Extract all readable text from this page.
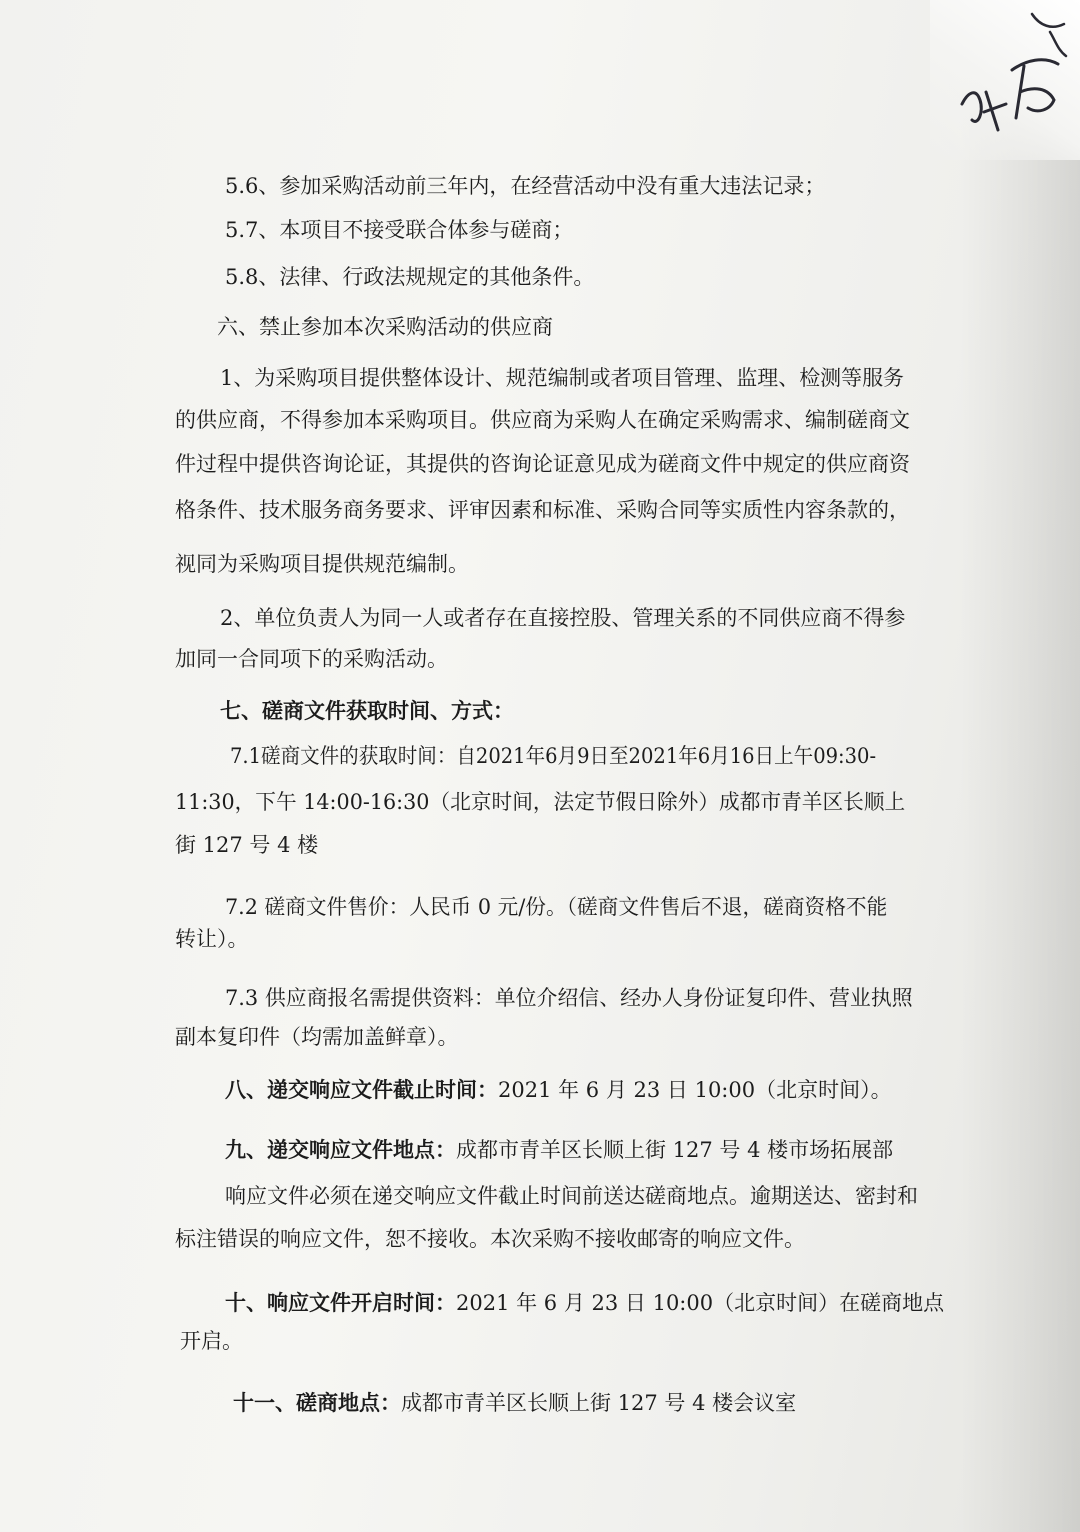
5.6、参加采购活动前三年内，在经营活动中没有重大违法记录；
5.7、本项目不接受联合体参与磋商；
5.8、法律、行政法规规定的其他条件。
六、禁止参加本次采购活动的供应商
1、为采购项目提供整体设计、规范编制或者项目管理、监理、检测等服务
的供应商，不得参加本采购项目。供应商为采购人在确定采购需求、编制磋商文
件过程中提供咨询论证，其提供的咨询论证意见成为磋商文件中规定的供应商资
格条件、技术服务商务要求、评审因素和标准、采购合同等实质性内容条款的，
视同为采购项目提供规范编制。
2、单位负责人为同一人或者存在直接控股、管理关系的不同供应商不得参
加同一合同项下的采购活动。
七、磋商文件获取时间、方式：
7.1磋商文件的获取时间：自2021年6月9日至2021年6月16日上午09:30-
11:30，下午 14:00-16:30（北京时间，法定节假日除外）成都市青羊区长顺上
街 127 号 4 楼
7.2 磋商文件售价：人民币 0 元/份。（磋商文件售后不退，磋商资格不能
转让）。
7.3 供应商报名需提供资料：单位介绍信、经办人身份证复印件、营业执照
副本复印件（均需加盖鲜章）。
八、递交响应文件截止时间：2021 年 6 月 23 日 10:00（北京时间）。
九、递交响应文件地点：成都市青羊区长顺上街 127 号 4 楼市场拓展部
响应文件必须在递交响应文件截止时间前送达磋商地点。逾期送达、密封和
标注错误的响应文件，恕不接收。本次采购不接收邮寄的响应文件。
十、响应文件开启时间：2021 年 6 月 23 日 10:00（北京时间）在磋商地点
开启。
十一、磋商地点：成都市青羊区长顺上街 127 号 4 楼会议室
